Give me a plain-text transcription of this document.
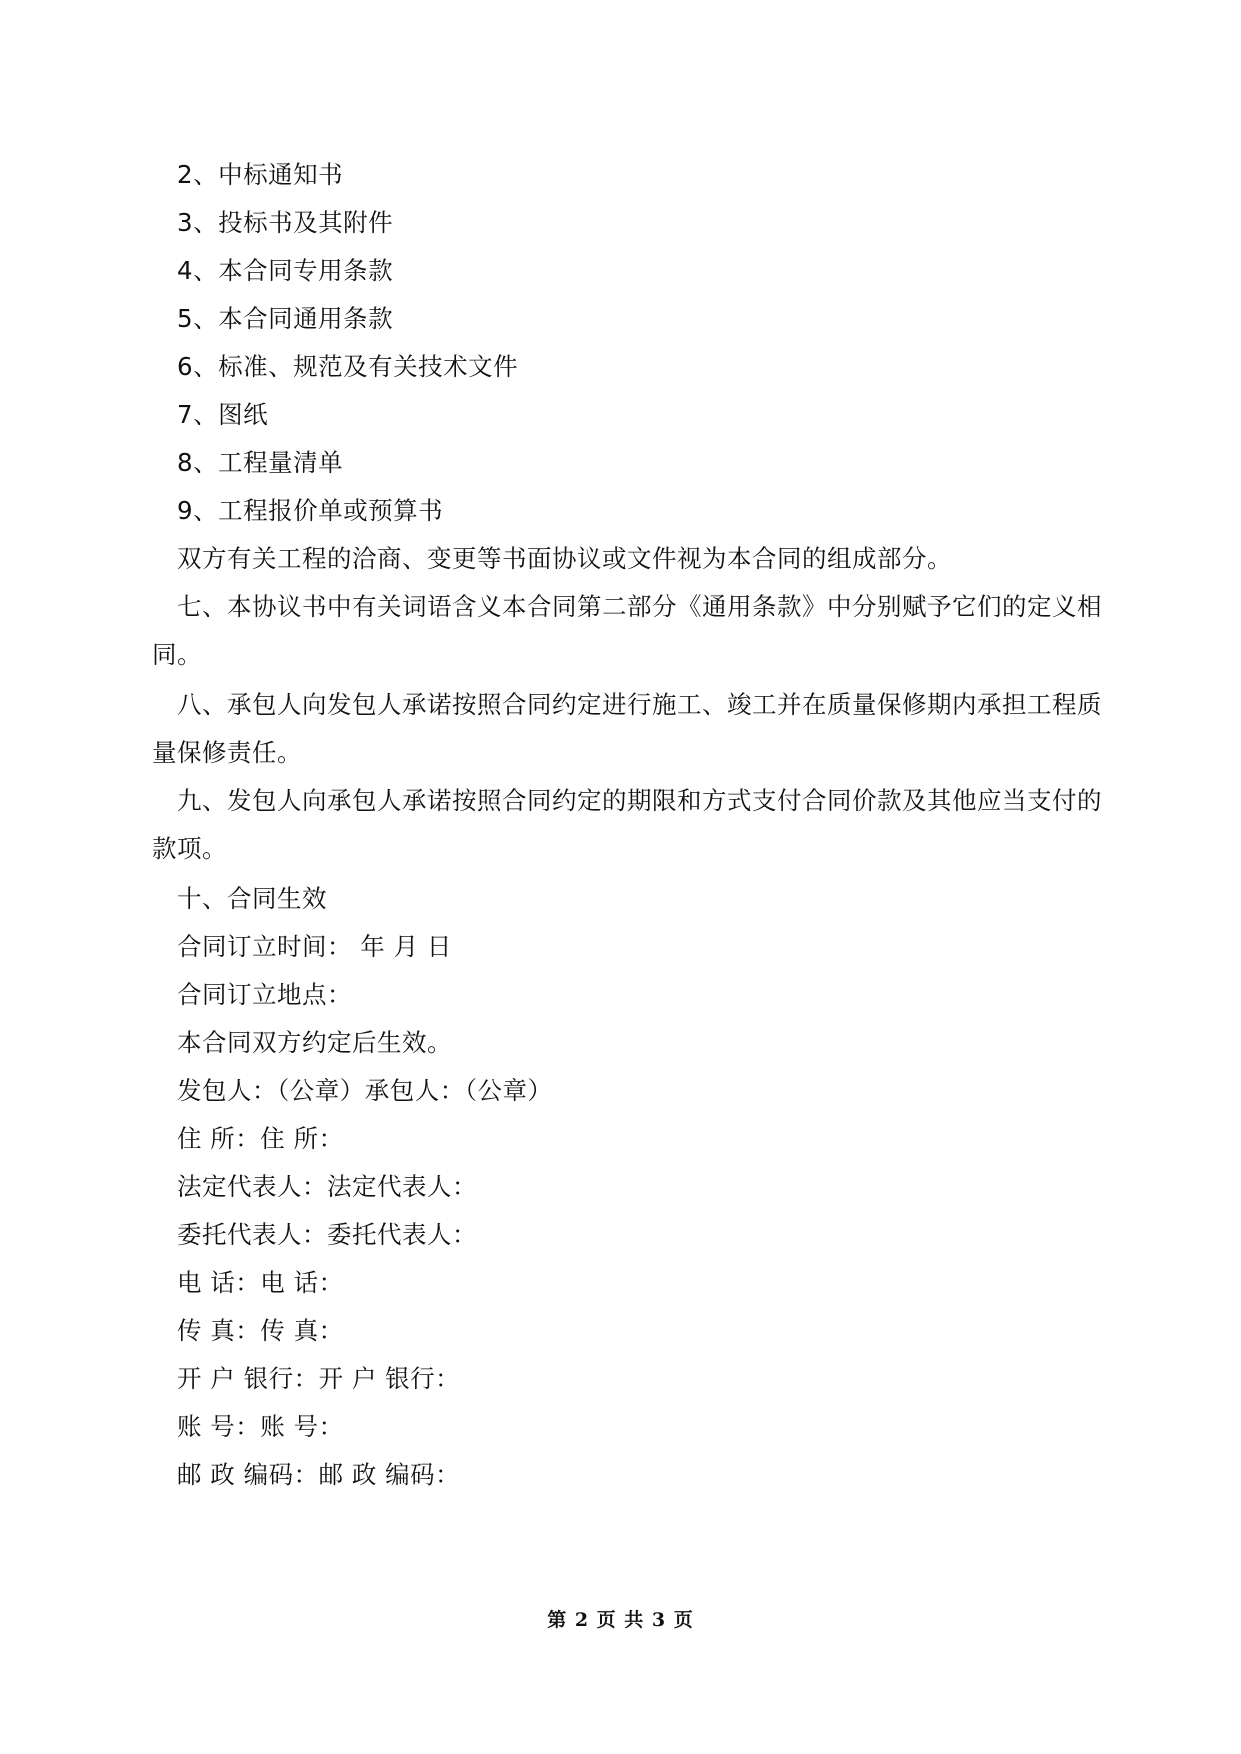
2、中标通知书
3、投标书及其附件
4、本合同专用条款
5、本合同通用条款
6、标准、规范及有关技术文件
7、图纸
8、工程量清单
9、工程报价单或预算书
双方有关工程的洽商、变更等书面协议或文件视为本合同的组成部分。
七、本协议书中有关词语含义本合同第二部分《通用条款》中分别赋予它们的定义相
同。
八、承包人向发包人承诺按照合同约定进行施工、竣工并在质量保修期内承担工程质
量保修责任。
九、发包人向承包人承诺按照合同约定的期限和方式支付合同价款及其他应当支付的
款项。
十、合同生效
合同订立时间： 年 月 日
合同订立地点：
本合同双方约定后生效。
发包人：（公章）承包人：（公章）
住 所：住 所：
法定代表人：法定代表人：
委托代表人：委托代表人：
电 话：电 话：
传 真：传 真：
开 户 银行：开 户 银行：
账 号：账 号：
邮 政 编码：邮 政 编码：
第 2 页 共 3 页
